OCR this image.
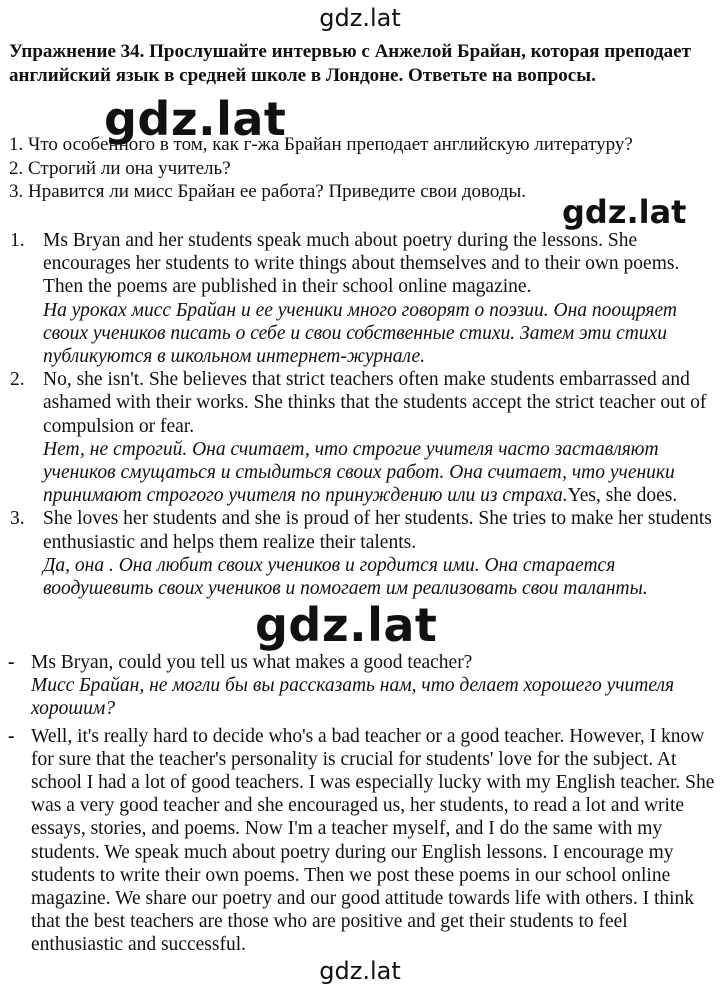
gdz.lat
Упражнение 34. Прослушайте интервью с Анжелой Брайан, которая преподает английский язык в средней школе в Лондоне. Ответьте на вопросы.
gdz.lat
1. Что особенного в том, как г-жа Брайан преподает английскую литературу?
2. Строгий ли она учитель?
3. Нравится ли мисс Брайан ее работа? Приведите свои доводы.
gdz.lat
1. Ms Bryan and her students speak much about poetry during the lessons. She encourages her students to write things about themselves and to their own poems. Then the poems are published in their school online magazine.
На уроках мисс Брайан и ее ученики много говорят о поэзии. Она поощряет своих учеников писать о себе и свои собственные стихи. Затем эти стихи публикуются в школьном интернет-журнале.
2. No, she isn't. She believes that strict teachers often make students embarrassed and ashamed with their works. She thinks that the students accept the strict teacher out of compulsion or fear.
Нет, не строгий. Она считает, что строгие учителя часто заставляют учеников смущаться и стыдиться своих работ. Она считает, что ученики принимают строгого учителя по принуждению или из страха.Yes, she does.
3. She loves her students and she is proud of her students. She tries to make her students enthusiastic and helps them realize their talents.
Да, она . Она любит своих учеников и гордится ими. Она старается воодушевить своих учеников и помогает им реализовать свои таланты.
gdz.lat
- Ms Bryan, could you tell us what makes a good teacher?
Мисс Брайан, не могли бы вы рассказать нам, что делает хорошего учителя хорошим?
- Well, it's really hard to decide who's a bad teacher or a good teacher. However, I know for sure that the teacher's personality is crucial for students' love for the subject. At school I had a lot of good teachers. I was especially lucky with my English teacher. She was a very good teacher and she encouraged us, her students, to read a lot and write essays, stories, and poems. Now I'm a teacher myself, and I do the same with my students. We speak much about poetry during our English lessons. I encourage my students to write their own poems. Then we post these poems in our school online magazine. We share our poetry and our good attitude towards life with others. I think that the best teachers are those who are positive and get their students to feel enthusiastic and successful.
gdz.lat
